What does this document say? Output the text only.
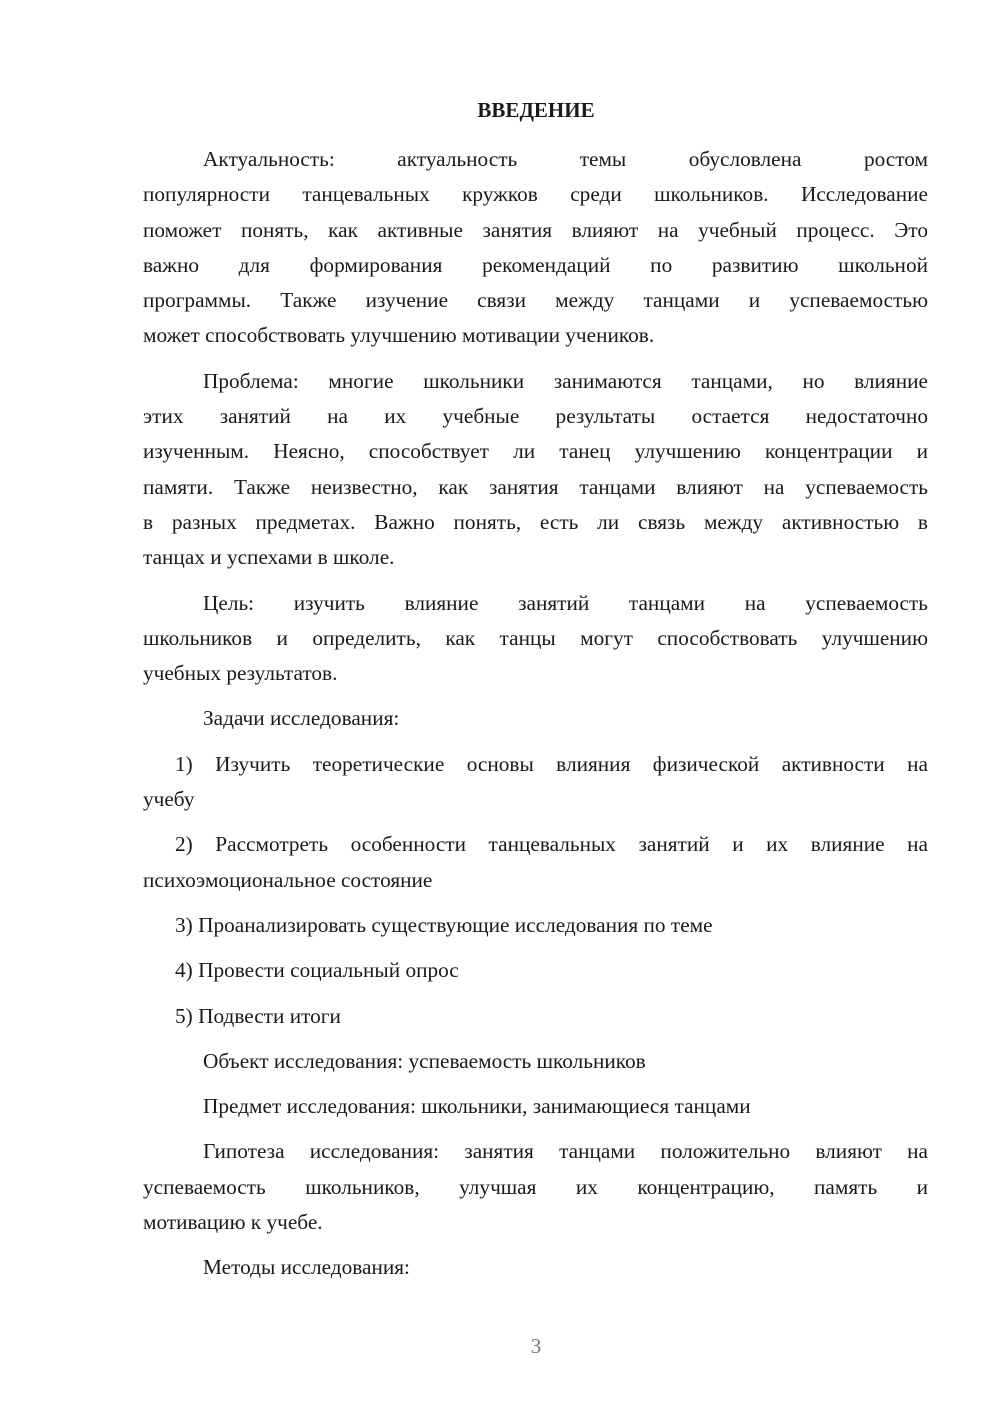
ВВЕДЕНИЕ
Актуальность: актуальность темы обусловлена ростом
популярности танцевальных кружков среди школьников. Исследование
поможет понять, как активные занятия влияют на учебный процесс. Это
важно для формирования рекомендаций по развитию школьной
программы. Также изучение связи между танцами и успеваемостью
может способствовать улучшению мотивации учеников.
Проблема: многие школьники занимаются танцами, но влияние
этих занятий на их учебные результаты остается недостаточно
изученным. Неясно, способствует ли танец улучшению концентрации и
памяти. Также неизвестно, как занятия танцами влияют на успеваемость
в разных предметах. Важно понять, есть ли связь между активностью в
танцах и успехами в школе.
Цель: изучить влияние занятий танцами на успеваемость
школьников и определить, как танцы могут способствовать улучшению
учебных результатов.
Задачи исследования:
1) Изучить теоретические основы влияния физической активности на
учебу
2) Рассмотреть особенности танцевальных занятий и их влияние на
психоэмоциональное состояние
3) Проанализировать существующие исследования по теме
4) Провести социальный опрос
5) Подвести итоги
Объект исследования: успеваемость школьников
Предмет исследования: школьники, занимающиеся танцами
Гипотеза исследования: занятия танцами положительно влияют на
успеваемость школьников, улучшая их концентрацию, память и
мотивацию к учебе.
Методы исследования:
3
